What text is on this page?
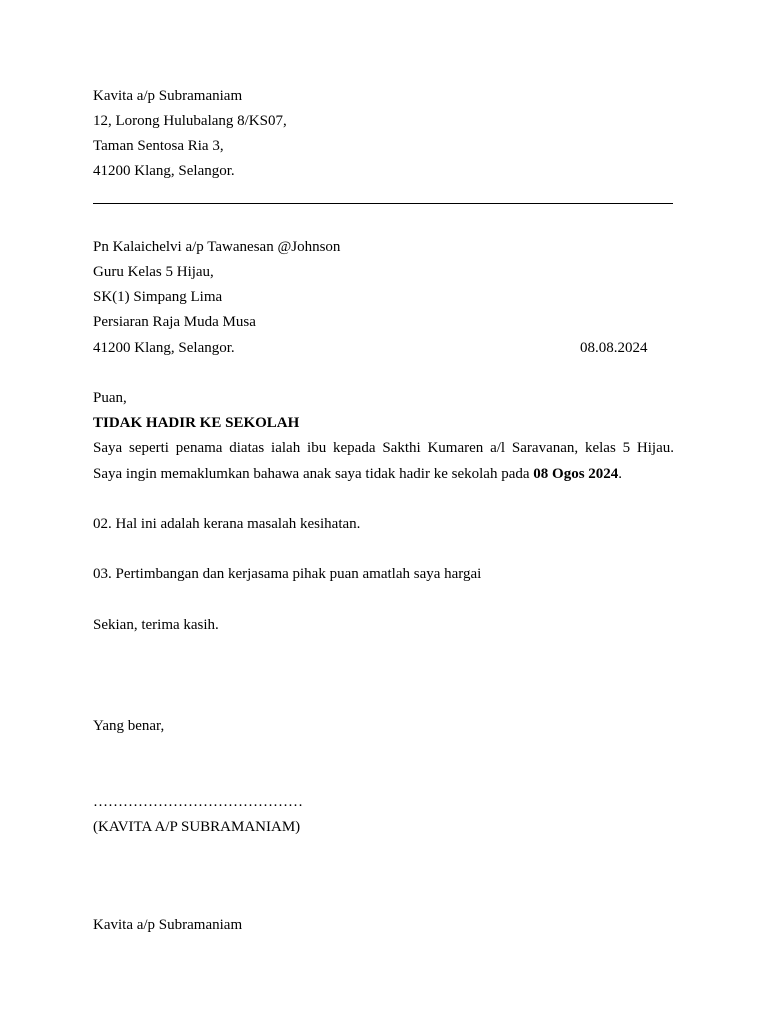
Kavita a/p Subramaniam
12, Lorong Hulubalang 8/KS07,
Taman Sentosa Ria 3,
41200 Klang, Selangor.
Pn Kalaichelvi a/p Tawanesan @Johnson
Guru Kelas 5 Hijau,
SK(1) Simpang Lima
Persiaran Raja Muda Musa
41200 Klang, Selangor.	08.08.2024
Puan,
TIDAK HADIR KE SEKOLAH
Saya seperti penama diatas ialah ibu kepada Sakthi Kumaren a/l Saravanan, kelas 5 Hijau.
Saya ingin memaklumkan bahawa anak saya tidak hadir ke sekolah pada 08 Ogos 2024.
02. Hal ini adalah kerana masalah kesihatan.
03. Pertimbangan dan kerjasama pihak puan amatlah saya hargai
Sekian, terima kasih.
Yang benar,
……………………………………
(KAVITA A/P SUBRAMANIAM)
Kavita a/p Subramaniam
